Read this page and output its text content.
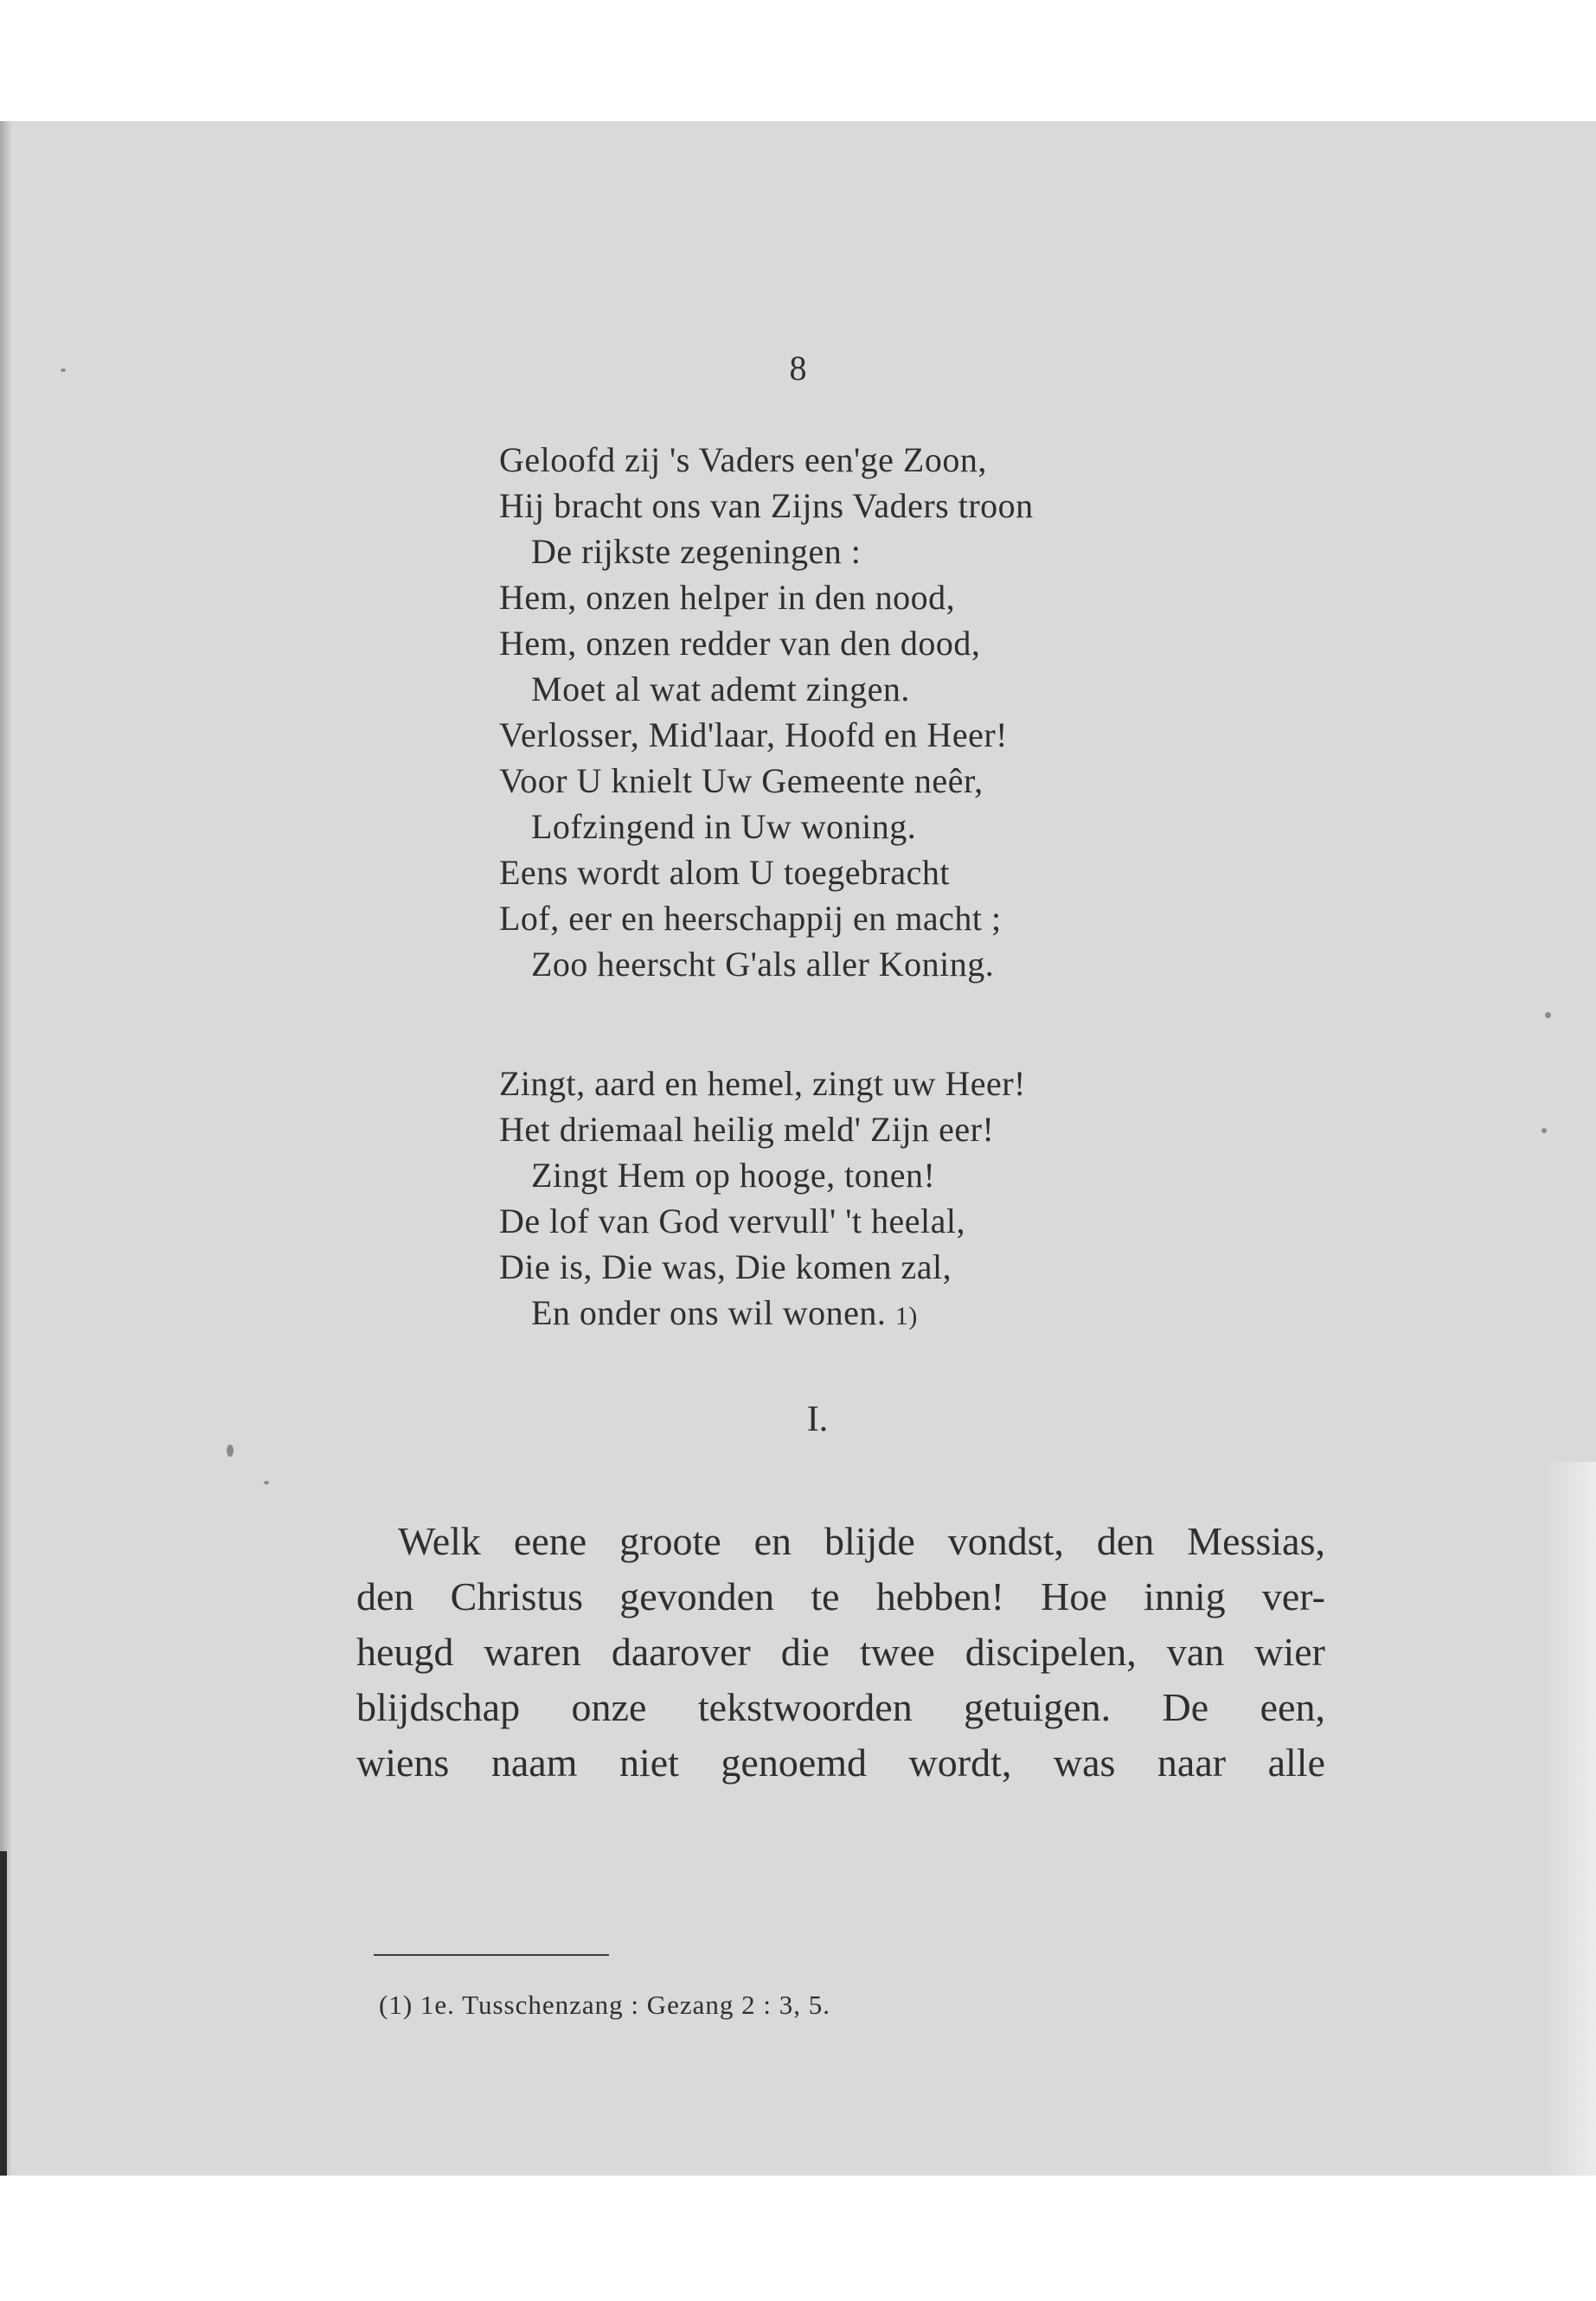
8
Geloofd zij 's Vaders een'ge Zoon,
Hij bracht ons van Zijns Vaders troon
De rijkste zegeningen :
Hem, onzen helper in den nood,
Hem, onzen redder van den dood,
Moet al wat ademt zingen.
Verlosser, Mid'laar, Hoofd en Heer!
Voor U knielt Uw Gemeente neêr,
Lofzingend in Uw woning.
Eens wordt alom U toegebracht
Lof, eer en heerschappij en macht ;
Zoo heerscht G'als aller Koning.
Zingt, aard en hemel, zingt uw Heer!
Het driemaal heilig meld' Zijn eer!
Zingt Hem op hooge, tonen!
De lof van God vervull' 't heelal,
Die is, Die was, Die komen zal,
En onder ons wil wonen. 1)
I.
Welk eene groote en blijde vondst, den Messias,
den Christus gevonden te hebben! Hoe innig ver-
heugd waren daarover die twee discipelen, van wier
blijdschap onze tekstwoorden getuigen. De een,
wiens naam niet genoemd wordt, was naar alle
(1) 1e. Tusschenzang : Gezang 2 : 3, 5.
